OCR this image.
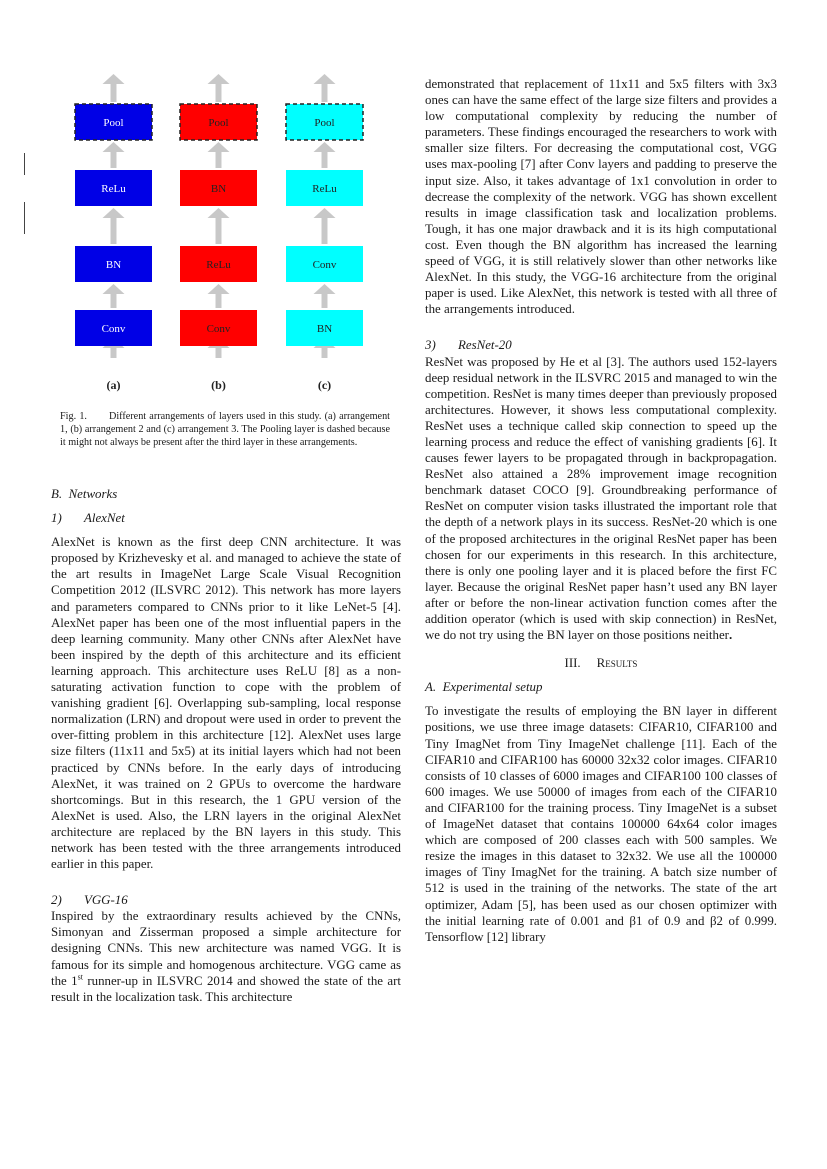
Conv
BN
ReLu
Pool
(a)
Conv
ReLu
BN
Pool
(b)
BN
Conv
ReLu
Pool
(c)
Fig. 1. Different arrangements of layers used in this study. (a) arrangement 1, (b) arrangement 2 and (c) arrangement 3. The Pooling layer is dashed because it might not always be present after the third layer in these arrangements.
B. Networks
1) AlexNet

AlexNet is known as the first deep CNN architecture. It was proposed by Krizhevesky et al. and managed to achieve the state of the art results in ImageNet Large Scale Visual Recognition Competition 2012 (ILSVRC 2012). This network has more layers and parameters compared to CNNs prior to it like LeNet-5 [4]. AlexNet paper has been one of the most influential papers in the deep learning community. Many other CNNs after AlexNet have been inspired by the depth of this architecture and its efficient learning approach. This architecture uses ReLU [8] as a non-saturating activation function to cope with the problem of vanishing gradient [6]. Overlapping sub-sampling, local response normalization (LRN) and dropout were used in order to prevent the over-fitting problem in this architecture [12]. AlexNet uses large size filters (11x11 and 5x5) at its initial layers which had not been practiced by CNNs before. In the early days of introducing AlexNet, it was trained on 2 GPUs to overcome the hardware shortcomings. But in this research, the 1 GPU version of the AlexNet is used. Also, the LRN layers in the original AlexNet architecture are replaced by the BN layers in this study. This network has been tested with the three arrangements introduced earlier in this paper.

2) VGG-16

Inspired by the extraordinary results achieved by the CNNs, Simonyan and Zisserman proposed a simple architecture for designing CNNs. This new architecture was named VGG. It is famous for its simple and homogenous architecture. VGG came as the 1st runner-up in ILSVRC 2014 and showed the state of the art result in the localization task. This architecture

demonstrated that replacement of 11x11 and 5x5 filters with 3x3 ones can have the same effect of the large size filters and provides a low computational complexity by reducing the number of parameters. These findings encouraged the researchers to work with smaller size filters. For decreasing the computational cost, VGG uses max-pooling [7] after Conv layers and padding to preserve the input size. Also, it takes advantage of 1x1 convolution in order to decrease the complexity of the network. VGG has shown excellent results in image classification task and localization problems. Tough, it has one major drawback and it is its high computational cost. Even though the BN algorithm has increased the learning speed of VGG, it is still relatively slower than other networks like AlexNet. In this study, the VGG-16 architecture from the original paper is used. Like AlexNet, this network is tested with all three of the arrangements introduced.

3) ResNet-20

ResNet was proposed by He et al [3]. The authors used 152-layers deep residual network in the ILSVRC 2015 and managed to win the competition. ResNet is many times deeper than previously proposed architectures. However, it shows less computational complexity. ResNet uses a technique called skip connection to speed up the learning process and reduce the effect of vanishing gradients [6]. It causes fewer layers to be propagated through in backpropagation. ResNet also attained a 28% improvement image recognition benchmark dataset COCO [9]. Groundbreaking performance of ResNet on computer vision tasks illustrated the important role that the depth of a network plays in its success. ResNet-20 which is one of the proposed architectures in the original ResNet paper has been chosen for our experiments in this research. In this architecture, there is only one pooling layer and it is placed before the first FC layer. Because the original ResNet paper hasn’t used any BN layer after or before the non-linear activation function comes after the addition operator (which is used with skip connection) in ResNet, we do not try using the BN layer on those positions neither.

III. Results
A. Experimental setup

To investigate the results of employing the BN layer in different positions, we use three image datasets: CIFAR10, CIFAR100 and Tiny ImagNet from Tiny ImageNet challenge [11]. Each of the CIFAR10 and CIFAR100 has 60000 32x32 color images. CIFAR10 consists of 10 classes of 6000 images and CIFAR100 100 classes of 600 images. We use 50000 of images from each of the CIFAR10 and CIFAR100 for the training process. Tiny ImageNet is a subset of ImageNet dataset that contains 100000 64x64 color images which are composed of 200 classes each with 500 samples. We resize the images in this dataset to 32x32. We use all the 100000 images of Tiny ImagNet for the training. A batch size number of 512 is used in the training of the networks. The state of the art optimizer, Adam [5], has been used as our chosen optimizer with the initial learning rate of 0.001 and β1 of 0.9 and β2 of 0.999. Tensorflow [12] library
